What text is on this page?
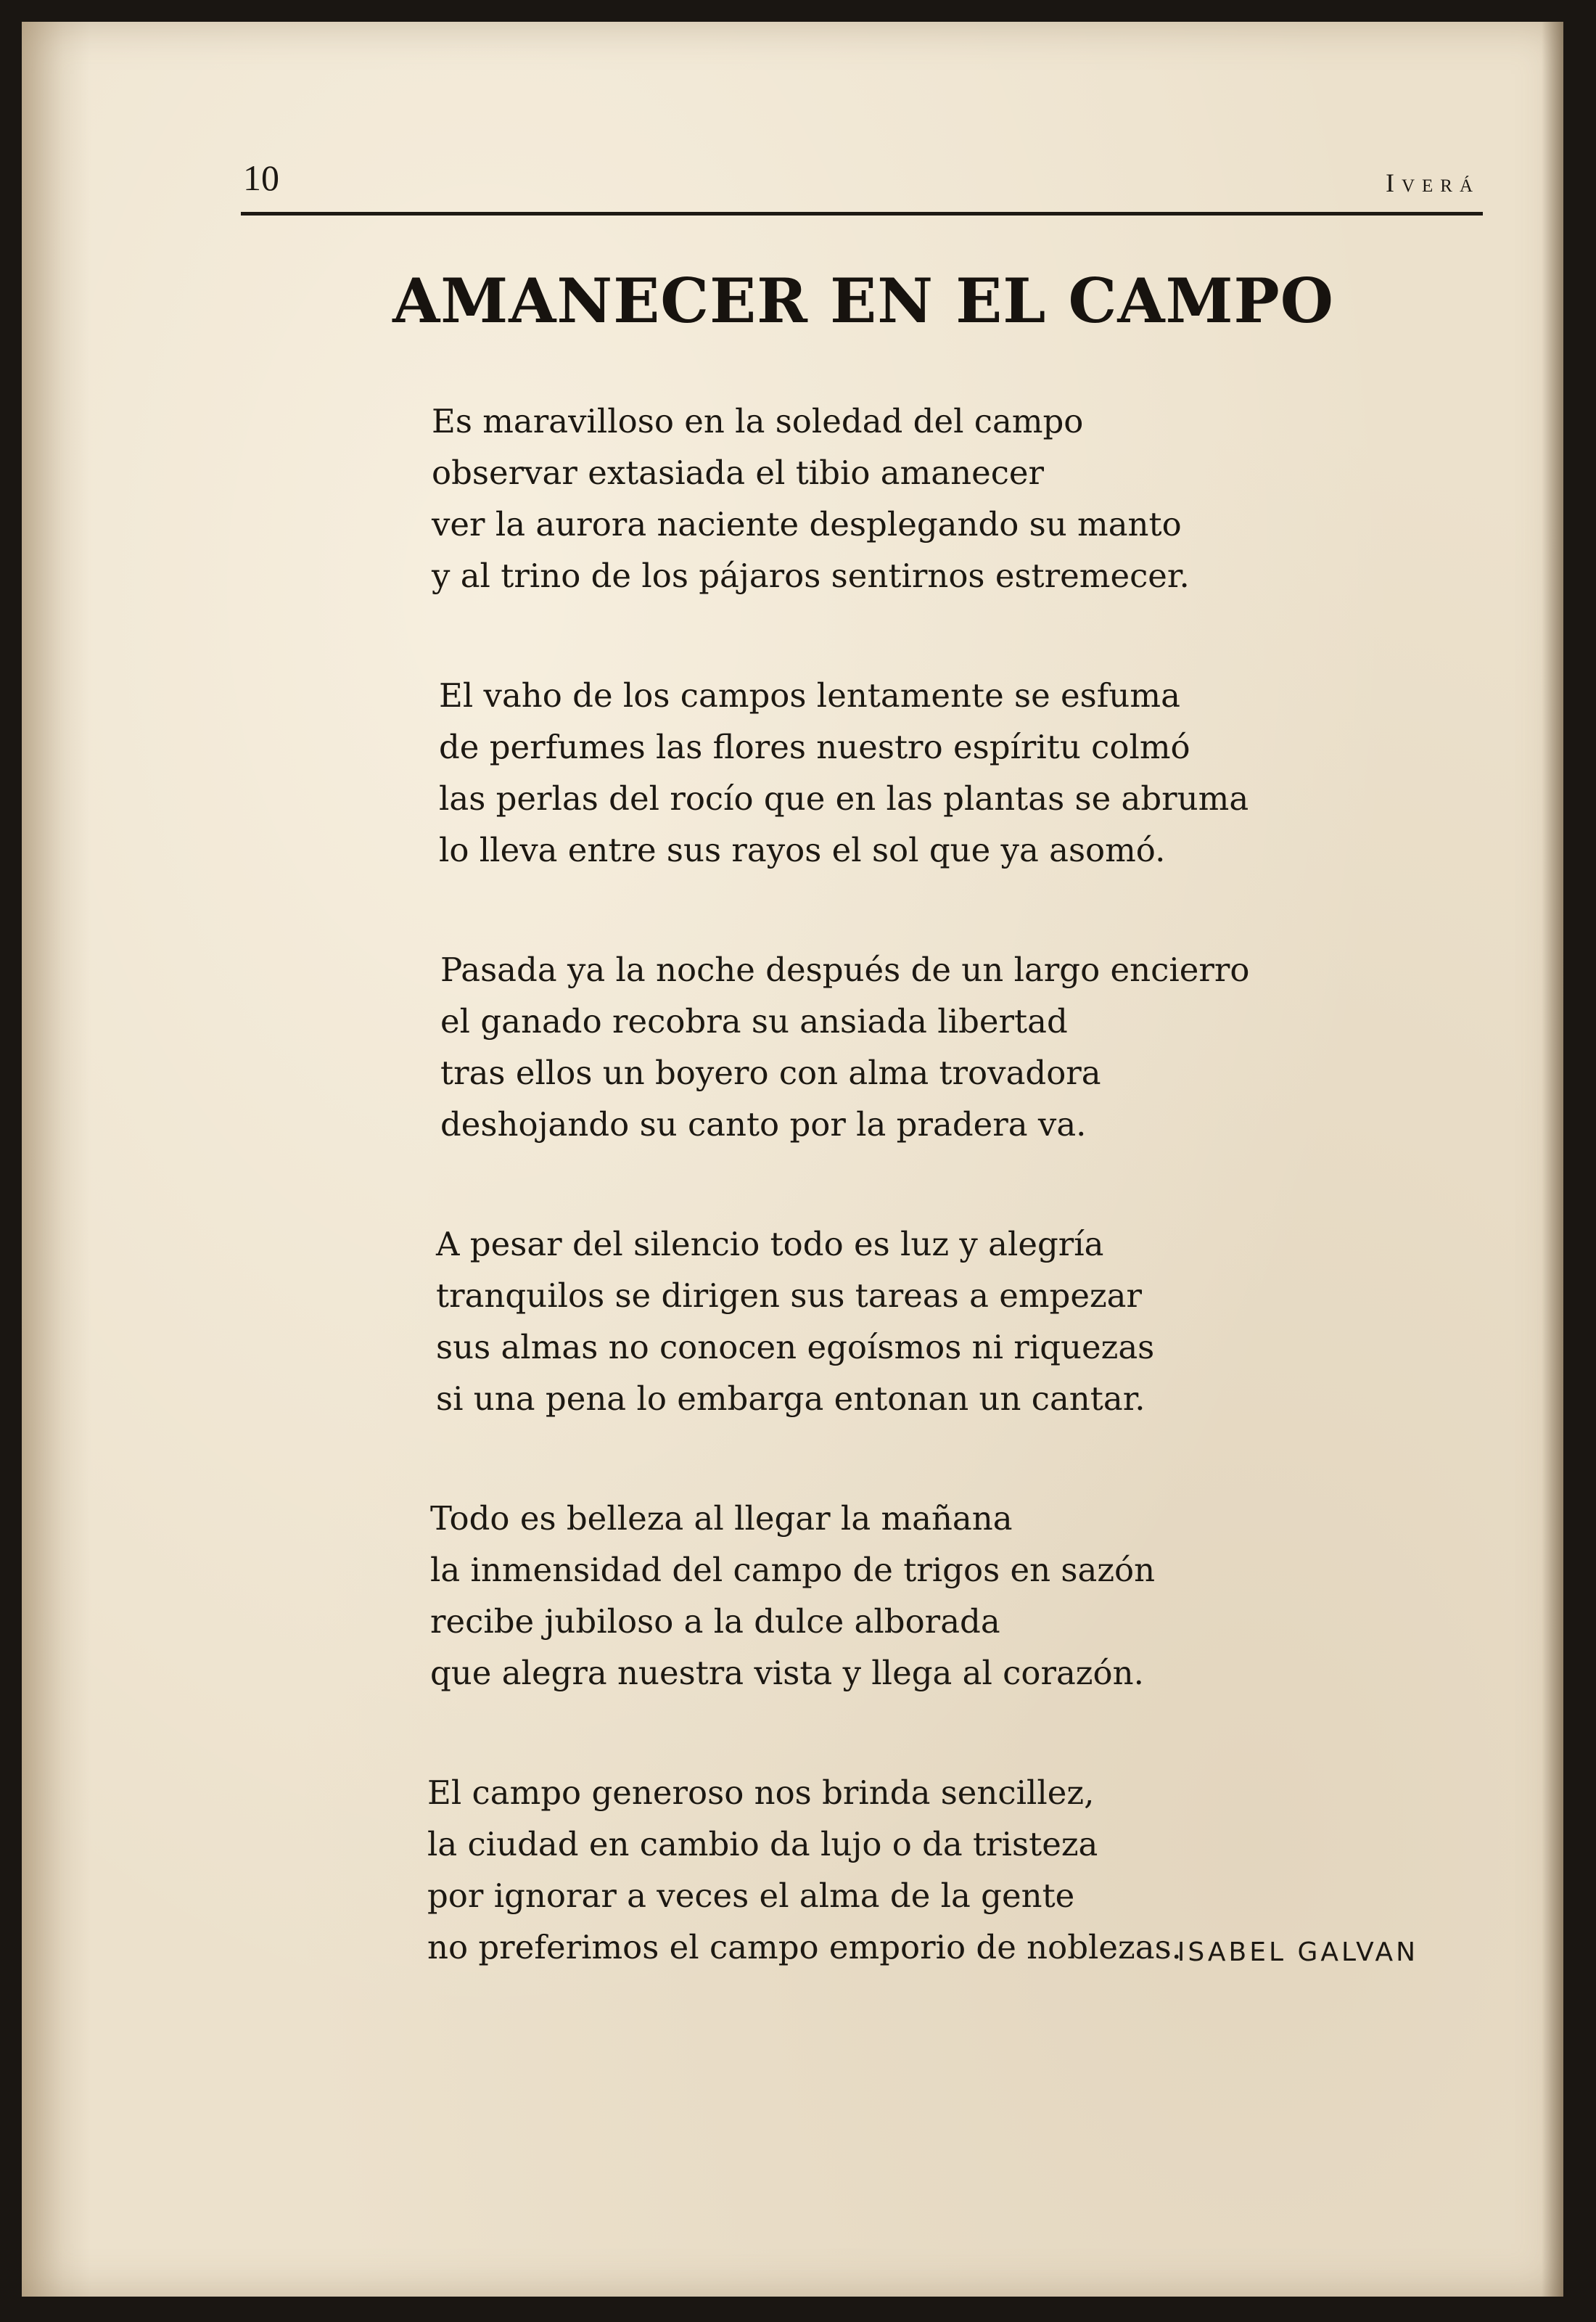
10	Iverá
AMANECER EN EL CAMPO
Es maravilloso en la soledad del campo
observar extasiada el tibio amanecer
ver la aurora naciente desplegando su manto
y al trino de los pájaros sentirnos estremecer.
El vaho de los campos lentamente se esfuma
de perfumes las flores nuestro espíritu colmó
las perlas del rocío que en las plantas se abruma
lo lleva entre sus rayos el sol que ya asomó.
Pasada ya la noche después de un largo encierro
el ganado recobra su ansiada libertad
tras ellos un boyero con alma trovadora
deshojando su canto por la pradera va.
A pesar del silencio todo es luz y alegría
tranquilos se dirigen sus tareas a empezar
sus almas no conocen egoísmos ni riquezas
si una pena lo embarga entonan un cantar.
Todo es belleza al llegar la mañana
la inmensidad del campo de trigos en sazón
recibe jubiloso a la dulce alborada
que alegra nuestra vista y llega al corazón.
El campo generoso nos brinda sencillez,
la ciudad en cambio da lujo o da tristeza
por ignorar a veces el alma de la gente
no preferimos el campo emporio de noblezas.
ISABEL GALVAN
